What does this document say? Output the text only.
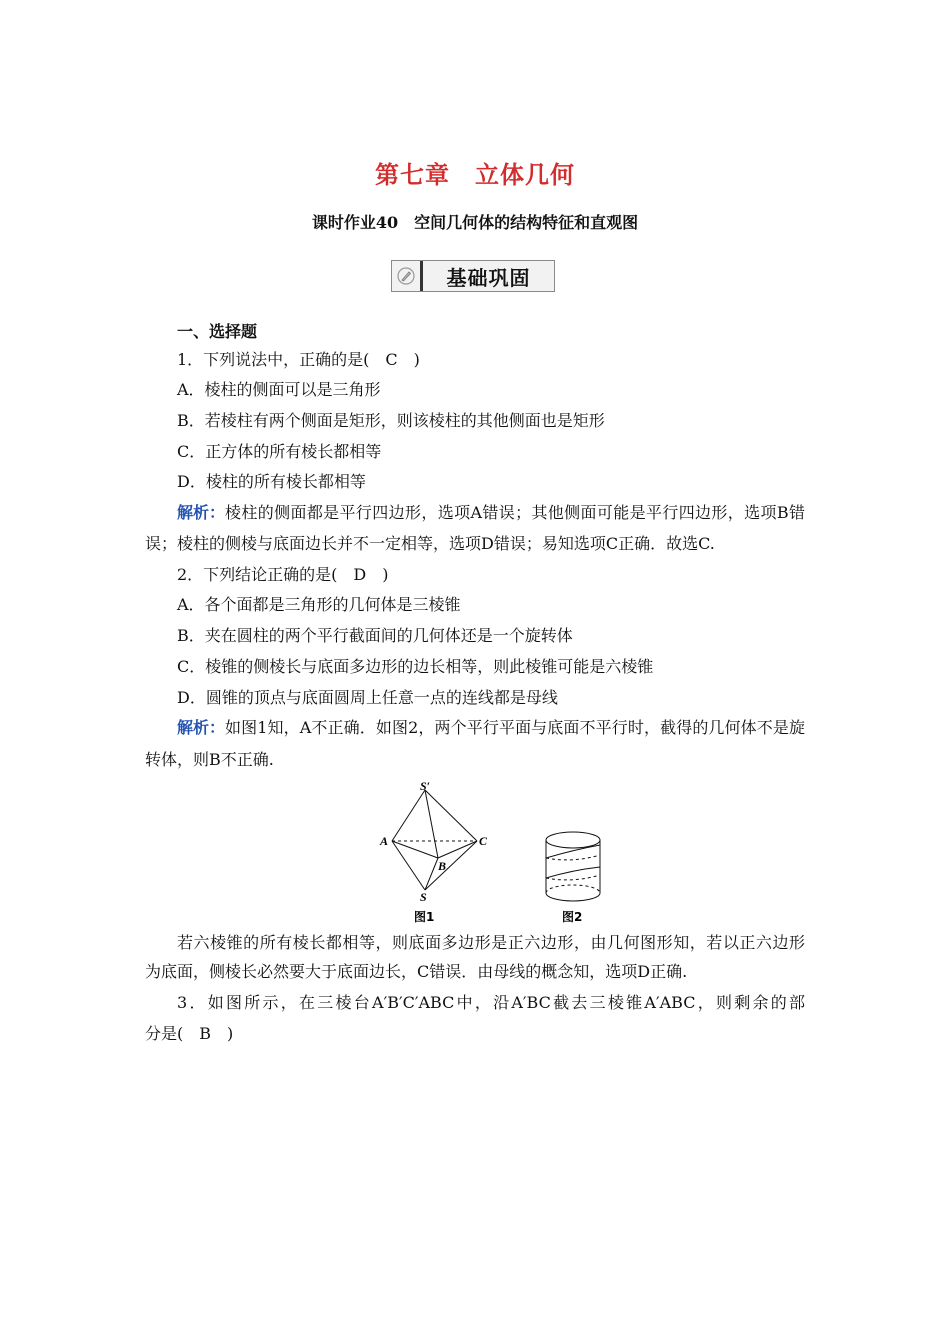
第七章　立体几何
课时作业40　空间几何体的结构特征和直观图
基础巩固
一、选择题
1．下列说法中，正确的是(　C　)
A．棱柱的侧面可以是三角形
B．若棱柱有两个侧面是矩形，则该棱柱的其他侧面也是矩形
C．正方体的所有棱长都相等
D．棱柱的所有棱长都相等
解析： 棱柱的侧面都是平行四边形，选项A错误；其他侧面可能是平行四边形，选项B错
误；棱柱的侧棱与底面边长并不一定相等，选项D错误；易知选项C正确．故选C.
2．下列结论正确的是(　D　)
A．各个面都是三角形的几何体是三棱锥
B．夹在圆柱的两个平行截面间的几何体还是一个旋转体
C．棱锥的侧棱长与底面多边形的边长相等，则此棱锥可能是六棱锥
D．圆锥的顶点与底面圆周上任意一点的连线都是母线
解析： 如图1知，A不正确．如图2，两个平行平面与底面不平行时，截得的几何体不是旋
转体，则B不正确.
S′
A
B
C
S
图1	图2
若六棱锥的所有棱长都相等，则底面多边形是正六边形，由几何图形知，若以正六边形
为底面，侧棱长必然要大于底面边长，C错误．由母线的概念知，选项D正确.
3．如图所示，在三棱台A′B′C′ABC中，沿A′BC截去三棱锥A′ABC，则剩余的部
分是(　B　)
